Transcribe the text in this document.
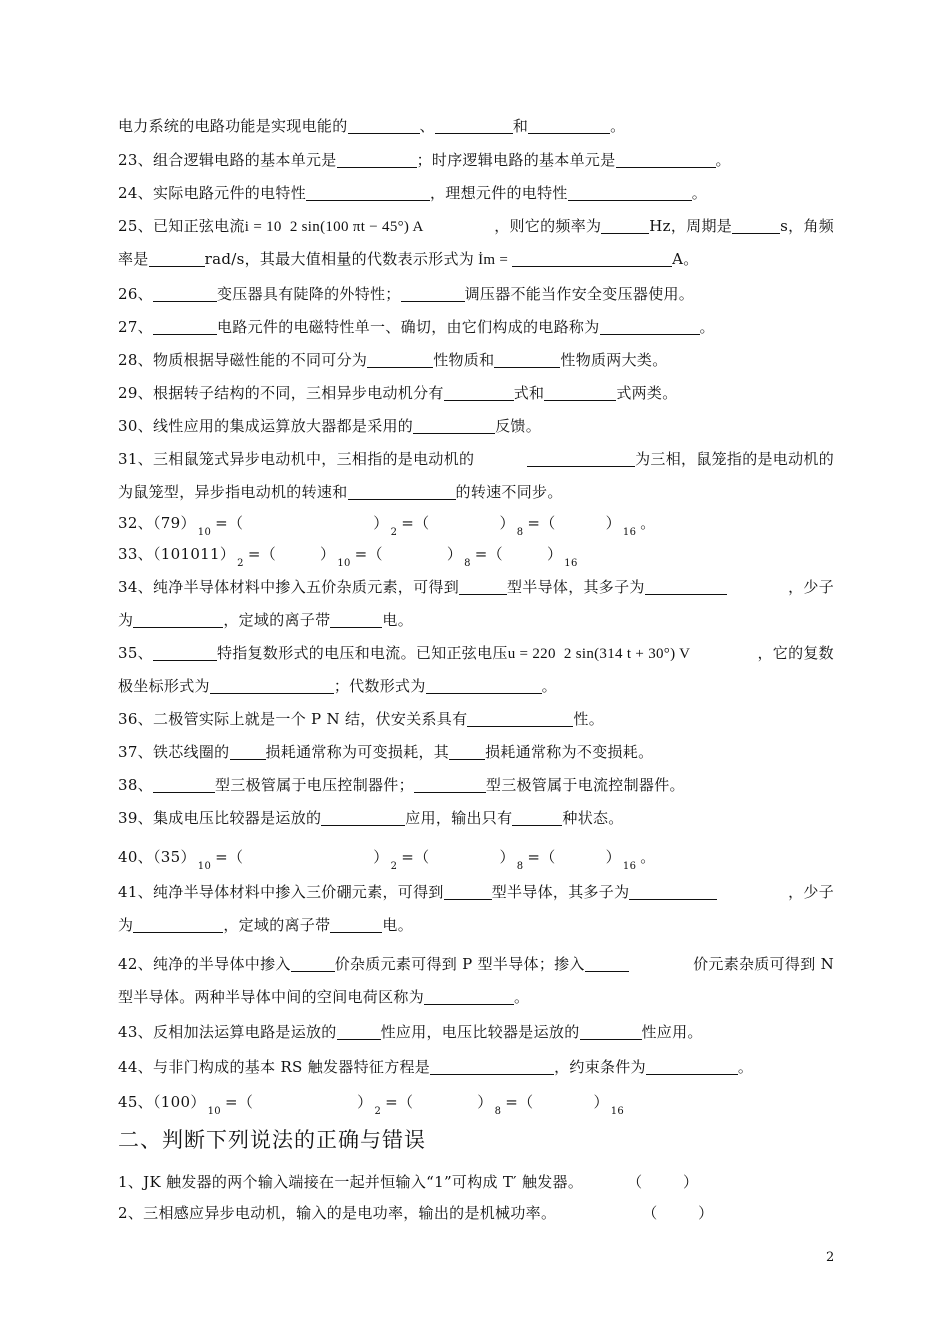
电力系统的电路功能是实现电能的	、	和	。
23、组合逻辑电路的基本单元是	；时序逻辑电路的基本单元是	。
24、实际电路元件的电特性	，理想元件的电特性	。
25、已知正弦电流i = 10  2 sin(100 πt − 45°) A	，则它的频率为	Hz，周期是	s，角频
率是	rad/s，其最大值相量的代数表示形式为 İm =	A。
26、	变压器具有陡降的外特性；	调压器不能当作安全变压器使用。
27、	电路元件的电磁特性单一、确切，由它们构成的电路称为	。
28、物质根据导磁性能的不同可分为	性物质和	性物质两大类。
29、根据转子结构的不同，三相异步电动机分有	式和	式两类。
30、线性应用的集成运算放大器都是采用的	反馈。
31、三相鼠笼式异步电动机中，三相指的是电动机的	为三相，鼠笼指的是电动机的
为鼠笼型，异步指电动机的转速和	的转速不同步。
32、$(79)_{10}=$（	）$_2=$（	）$_8=$（	）$_{16}$。
33、$(101011)_2=$（	）$_{10}=$（	）$_8=$（	）$_{16}$
34、纯净半导体材料中掺入五价杂质元素，可得到	型半导体，其多子为	，少子
为	，定域的离子带	电。
35、	特指复数形式的电压和电流。已知正弦电压u = 220  2 sin(314 t + 30°) V	，它的复数
极坐标形式为	；代数形式为	。
36、二极管实际上就是一个 P N 结，伏安关系具有	性。
37、铁芯线圈的 损耗通常称为可变损耗，其 损耗通常称为不变损耗。
38、	型三极管属于电压控制器件；	型三极管属于电流控制器件。
39、集成电压比较器是运放的	应用，输出只有	种状态。
40、$(35)_{10}=$（	）$_2=$（	）$_8=$（	）$_{16}$。
41、纯净半导体材料中掺入三价硼元素，可得到	型半导体，其多子为	，少子
为	，定域的离子带	电。
42、纯净的半导体中掺入	价杂质元素可得到 P 型半导体；掺入	价元素杂质可得到 N
型半导体。两种半导体中间的空间电荷区称为	。
43、反相加法运算电路是运放的	性应用，电压比较器是运放的	性应用。
44、与非门构成的基本 RS 触发器特征方程是	，约束条件为	。
45、$(100)_{10}=$（	）$_2=$（	）$_8=$（	）$_{16}$
二、判断下列说法的正确与错误
1、JK 触发器的两个输入端接在一起并恒输入“1”可构成 T′ 触发器。	（        ）
2、三相感应异步电动机，输入的是电功率，输出的是机械功率。	（        ）
2
